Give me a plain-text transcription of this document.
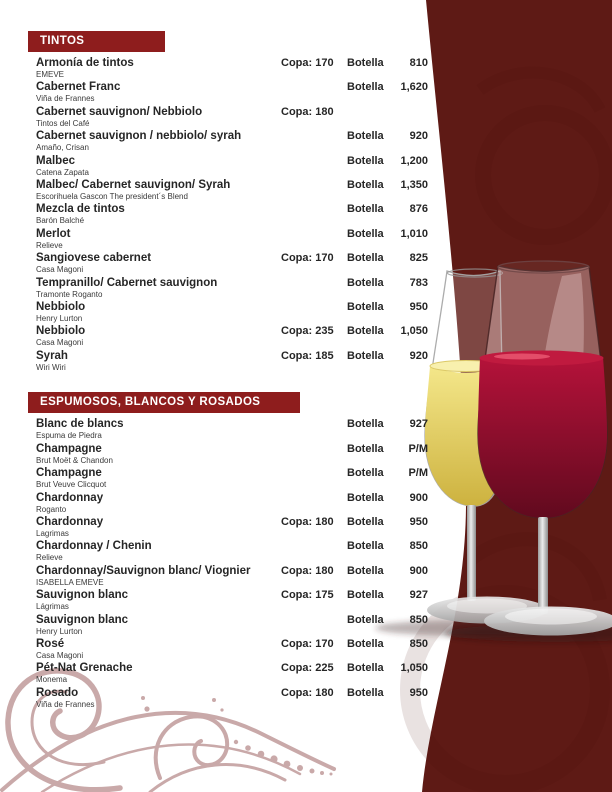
TINTOS
Armonía de tintos
EMEVE
Copa: 170	Botella	810
Cabernet Franc
Viña de Frannes
Botella	1,620
Cabernet sauvignon/ Nebbiolo
Tintos del Café
Copa: 180
Cabernet sauvignon / nebbiolo/ syrah
Amaño, Crisan
Botella	920
Malbec
Catena Zapata
Botella	1,200
Malbec/ Cabernet sauvignon/ Syrah
Escorihuela Gascon The president´s Blend
Botella	1,350
Mezcla de tintos
Barón Balché
Botella	876
Merlot
Relieve
Botella	1,010
Sangiovese cabernet
Casa Magoni
Copa: 170	Botella	825
Tempranillo/ Cabernet sauvignon
Tramonte Roganto
Botella	783
Nebbiolo
Henry Lurton
Botella	950
Nebbiolo
Casa Magoni
Copa: 235	Botella	1,050
Syrah
Wiri Wiri
Copa: 185	Botella	920
ESPUMOSOS, BLANCOS Y ROSADOS
Blanc de blancs
Espuma de Piedra
Botella	927
Champagne
Brut Moët & Chandon
Botella	P/M
Champagne
Brut Veuve Clicquot
Botella	P/M
Chardonnay
Roganto
Botella	900
Chardonnay
Lagrimas
Copa: 180	Botella	950
Chardonnay / Chenin
Relieve
Botella	850
Chardonnay/Sauvignon blanc/ Viognier
ISABELLA EMEVE
Copa: 180	Botella	900
Sauvignon blanc
Lágrimas
Copa: 175	Botella	927
Sauvignon blanc
Henry Lurton
Botella	850
Rosé
Casa Magoni
Copa: 170	Botella	850
Pét-Nat Grenache
Monema
Copa: 225	Botella	1,050
Rosado
Viña de Frannes
Copa: 180	Botella	950
